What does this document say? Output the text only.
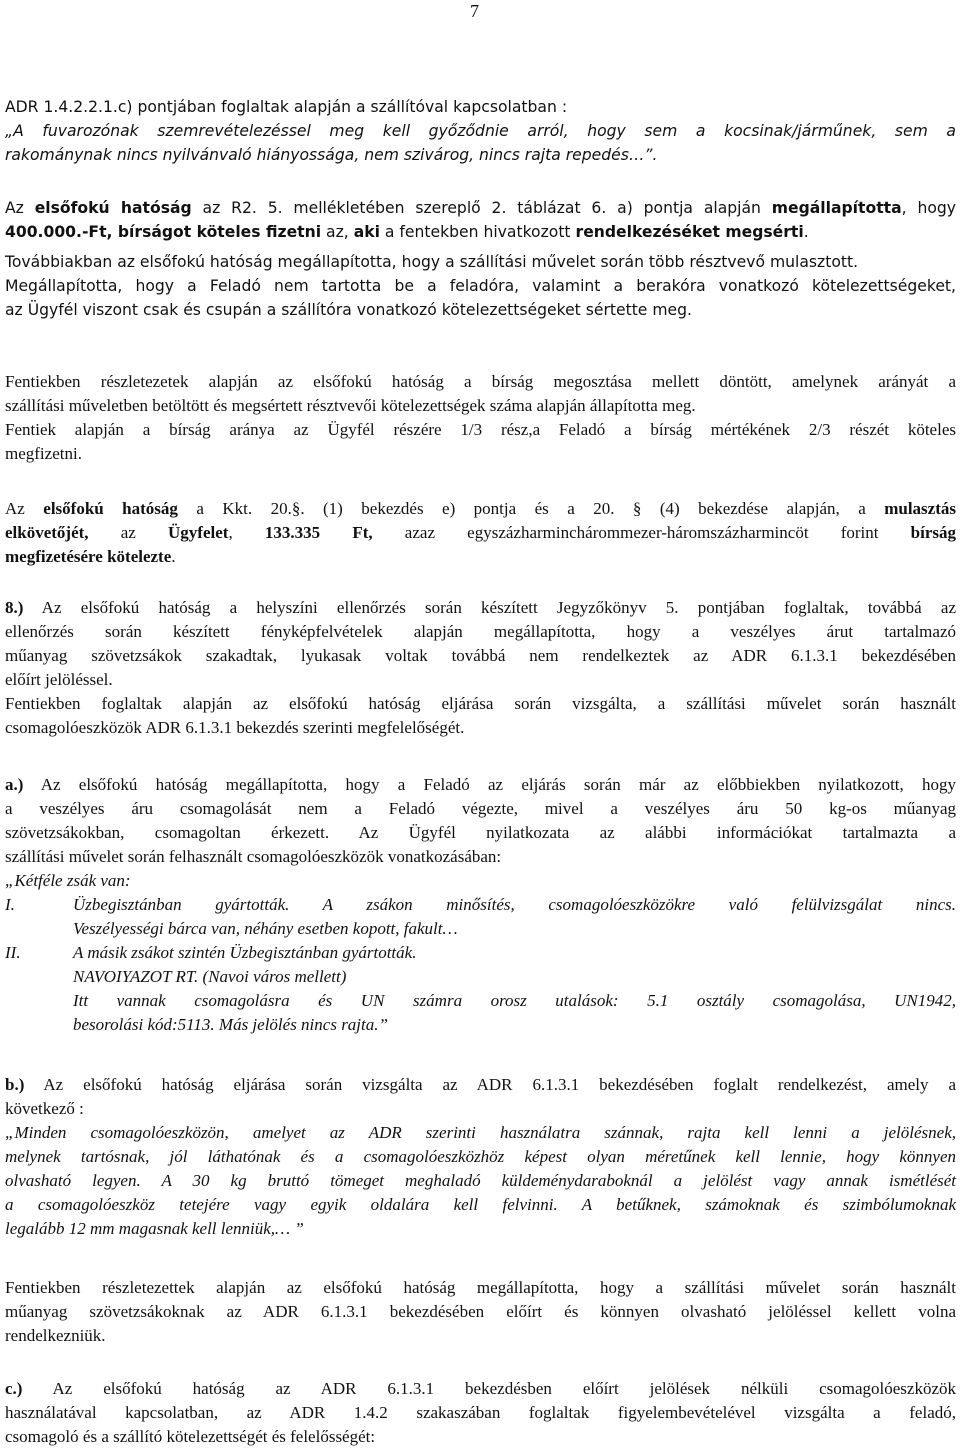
7
ADR 1.4.2.2.1.c) pontjában foglaltak alapján a szállítóval kapcsolatban :
„A fuvarozónak szemrevételezéssel meg kell győződnie arról, hogy sem a kocsinak/járműnek, sem a
rakománynak nincs nyilvánvaló hiányossága, nem szivárog, nincs rajta repedés…”.
Az elsőfokú hatóság az R2. 5. mellékletében szereplő 2. táblázat 6. a) pontja alapján megállapította, hogy
400.000.-Ft, bírságot köteles fizetni az, aki a fentekben hivatkozott rendelkezéséket megsérti.
Továbbiakban az elsőfokú hatóság megállapította, hogy a szállítási művelet során több résztvevő mulasztott.
Megállapította, hogy a Feladó nem tartotta be a feladóra, valamint a berakóra vonatkozó kötelezettségeket,
az Ügyfél viszont csak és csupán a szállítóra vonatkozó kötelezettségeket sértette meg.
Fentiekben részletezetek alapján az elsőfokú hatóság a bírság megosztása mellett döntött, amelynek arányát a
szállítási műveletben betöltött és megsértett résztvevői kötelezettségek száma alapján állapította meg.
Fentiek alapján a bírság aránya az Ügyfél részére 1/3 rész,a Feladó a bírság mértékének 2/3 részét köteles
megfizetni.
Az elsőfokú hatóság a Kkt. 20.§. (1) bekezdés e) pontja és a 20. § (4) bekezdése alapján, a mulasztás
elkövetőjét, az Ügyfelet, 133.335 Ft, azaz egyszázharminchárommezer-háromszázharmincöt forint bírság
megfizetésére kötelezte.
8.) Az elsőfokú hatóság a helyszíni ellenőrzés során készített Jegyzőkönyv 5. pontjában foglaltak, továbbá az
ellenőrzés során készített fényképfelvételek alapján megállapította, hogy a veszélyes árut tartalmazó
műanyag szövetzsákok szakadtak, lyukasak voltak továbbá nem rendelkeztek az ADR 6.1.3.1 bekezdésében
előírt jelöléssel.
Fentiekben foglaltak alapján az elsőfokú hatóság eljárása során vizsgálta, a szállítási művelet során használt
csomagolóeszközök ADR 6.1.3.1 bekezdés szerinti megfelelőségét.
a.) Az elsőfokú hatóság megállapította, hogy a Feladó az eljárás során már az előbbiekben nyilatkozott, hogy
a veszélyes áru csomagolását nem a Feladó végezte, mivel a veszélyes áru 50 kg-os műanyag
szövetzsákokban, csomagoltan érkezett. Az Ügyfél nyilatkozata az alábbi információkat tartalmazta a
szállítási művelet során felhasznált csomagolóeszközök vonatkozásában:
„Kétféle zsák van:
I.	Üzbegisztánban gyártották. A zsákon minősítés, csomagolóeszközökre való felülvizsgálat nincs.
Veszélyességi bárca van, néhány esetben kopott, fakult…
II.	A másik zsákot szintén Üzbegisztánban gyártották.
NAVOIYAZOT RT. (Navoi város mellett)
Itt vannak csomagolásra és UN számra orosz utalások: 5.1 osztály csomagolása, UN1942,
besorolási kód:5113. Más jelölés nincs rajta.”
b.) Az elsőfokú hatóság eljárása során vizsgálta az ADR 6.1.3.1 bekezdésében foglalt rendelkezést, amely a
következő :
„Minden csomagolóeszközön, amelyet az ADR szerinti használatra szánnak, rajta kell lenni a jelölésnek,
melynek tartósnak, jól láthatónak és a csomagolóeszközhöz képest olyan méretűnek kell lennie, hogy könnyen
olvasható legyen. A 30 kg bruttó tömeget meghaladó küldeménydaraboknál a jelölést vagy annak ismétlését
a csomagolóeszköz tetejére vagy egyik oldalára kell felvinni. A betűknek, számoknak és szimbólumoknak
legalább 12 mm magasnak kell lenniük,… ”
Fentiekben részletezettek alapján az elsőfokú hatóság megállapította, hogy a szállítási művelet során használt
műanyag szövetzsákoknak az ADR 6.1.3.1 bekezdésében előírt és könnyen olvasható jelöléssel kellett volna
rendelkezniük.
c.) Az elsőfokú hatóság az ADR 6.1.3.1 bekezdésben előírt jelölések nélküli csomagolóeszközök
használatával kapcsolatban, az ADR 1.4.2 szakaszában foglaltak figyelembevételével vizsgálta a feladó,
csomagoló és a szállító kötelezettségét és felelősségét:
